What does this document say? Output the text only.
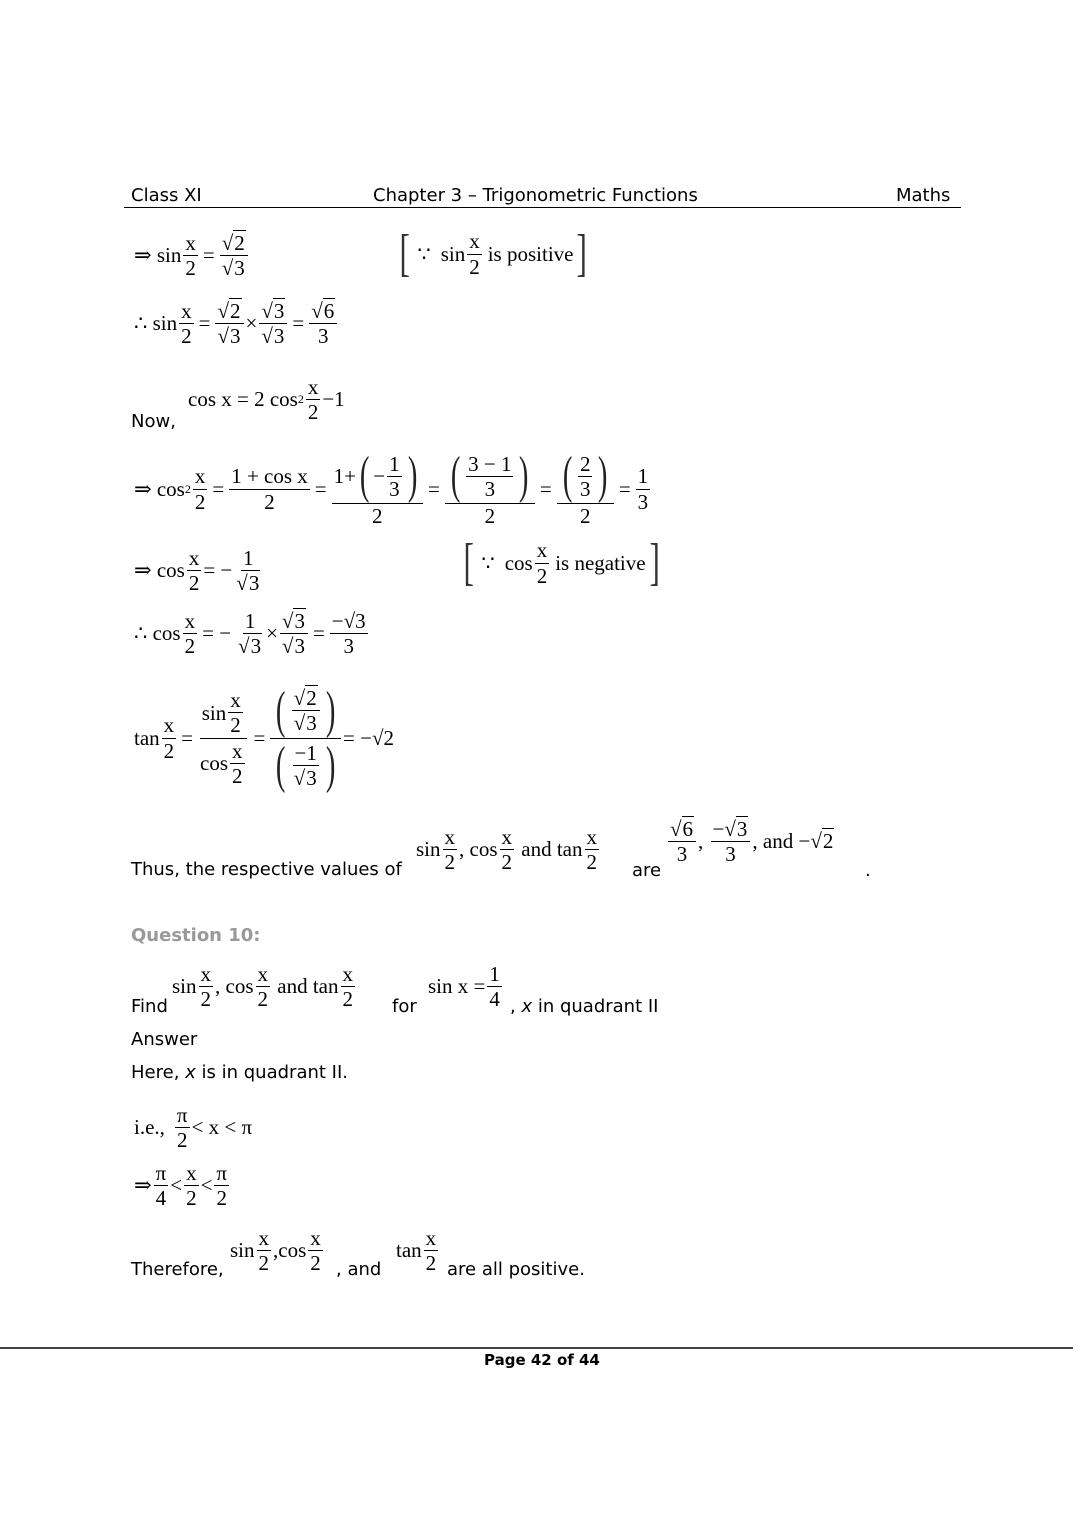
Class XI	Chapter 3 – Trigonometric Functions	Maths
⇒ $\sin \frac{x}{2} = \frac{√2}{√3}$	[ ∵ $\sin \frac{x}{2}$ is positive ]
∴ $\sin \frac{x}{2} = \frac{√2}{√3} \times \frac{√3}{√3} = \frac{√6}{3}$
Now,
cos x = 2 $\cos 2 \frac{x}{2} -1$
⇒ $\cos 2 \frac{x}{2} = \frac{\text{1 + cos x}}{2} = \frac{1+ ( - \frac{1}{3} )}{2} = \frac{( \frac{3 - 1}{3} )}{2} = \frac{( \frac{2}{3} )}{2} = \frac{1}{3}$
⇒ $\cos \frac{x}{2}$ = − $\frac{1}{√3}$	[ ∵ $\cos \frac{x}{2}$ is negative ]
∴ $\cos \frac{x}{2}$ = − $\frac{1}{√3} \times \frac{√3}{√3} = \frac{-√3}{3}$
$\tan \frac{x}{2} = \frac{\sin \frac{x}{2}}{\cos \frac{x}{2}} = \frac{( \frac{√2}{√3} )}{( \frac{-1}{√3} )} = -√2$
Thus, the respective values of
$\sin \frac{x}{2}$ , $\cos \frac{x}{2}$
and
$\tan \frac{x}{2}$ are
$\frac{√6}{3}$ , $\frac{-√3}{3}$ , and
−√2
.
Question 10:
Find
$\sin \frac{x}{2}$ , $\cos \frac{x}{2}$
and
$\tan \frac{x}{2}$ for
$\sin x = \frac{1}{4}$ , x in quadrant II
Answer
Here, x is in quadrant II.
i.e., $\frac{\pi}{2} < x < \pi$
⇒ $\frac{\pi}{4} < \frac{x}{2} < \frac{\pi}{2}$
Therefore,
$\sin \frac{x}{2}$ , $\cos \frac{x}{2}$ , and
$\tan \frac{x}{2}$ are all positive.
Page 42 of 44
